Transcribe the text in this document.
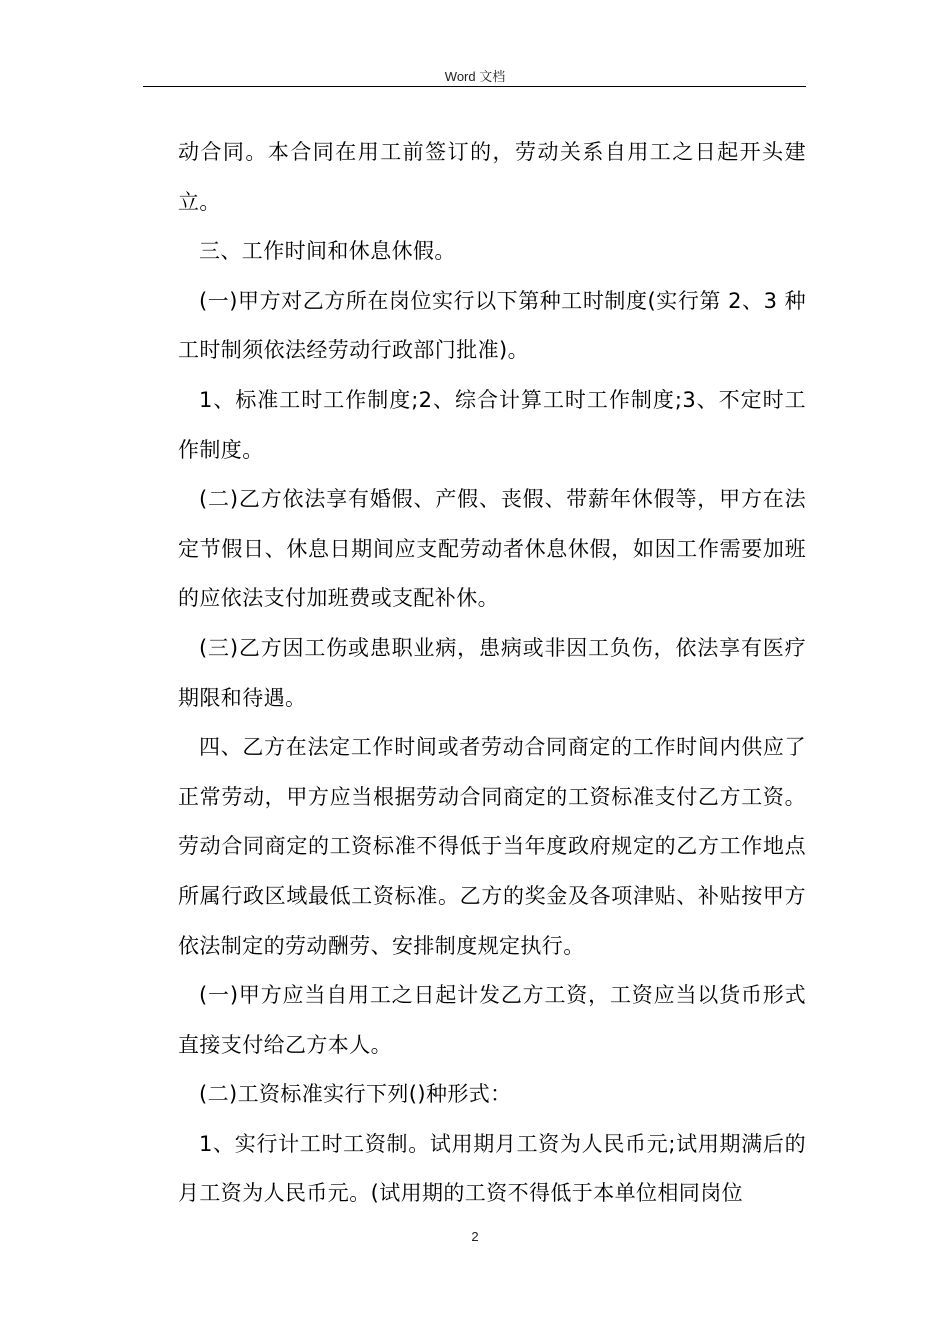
Word 文档

动合同。本合同在用工前签订的，劳动关系自用工之日起开头建立。

三、工作时间和休息休假。

(一)甲方对乙方所在岗位实行以下第种工时制度(实行第 2、3 种工时制须依法经劳动行政部门批准)。

1、标准工时工作制度;2、综合计算工时工作制度;3、不定时工作制度。

(二)乙方依法享有婚假、产假、丧假、带薪年休假等，甲方在法定节假日、休息日期间应支配劳动者休息休假，如因工作需要加班的应依法支付加班费或支配补休。

(三)乙方因工伤或患职业病，患病或非因工负伤，依法享有医疗期限和待遇。

四、乙方在法定工作时间或者劳动合同商定的工作时间内供应了正常劳动，甲方应当根据劳动合同商定的工资标准支付乙方工资。劳动合同商定的工资标准不得低于当年度政府规定的乙方工作地点所属行政区域最低工资标准。乙方的奖金及各项津贴、补贴按甲方依法制定的劳动酬劳、安排制度规定执行。

(一)甲方应当自用工之日起计发乙方工资，工资应当以货币形式直接支付给乙方本人。

(二)工资标准实行下列()种形式：

1、实行计工时工资制。试用期月工资为人民币元;试用期满后的月工资为人民币元。(试用期的工资不得低于本单位相同岗位

2
